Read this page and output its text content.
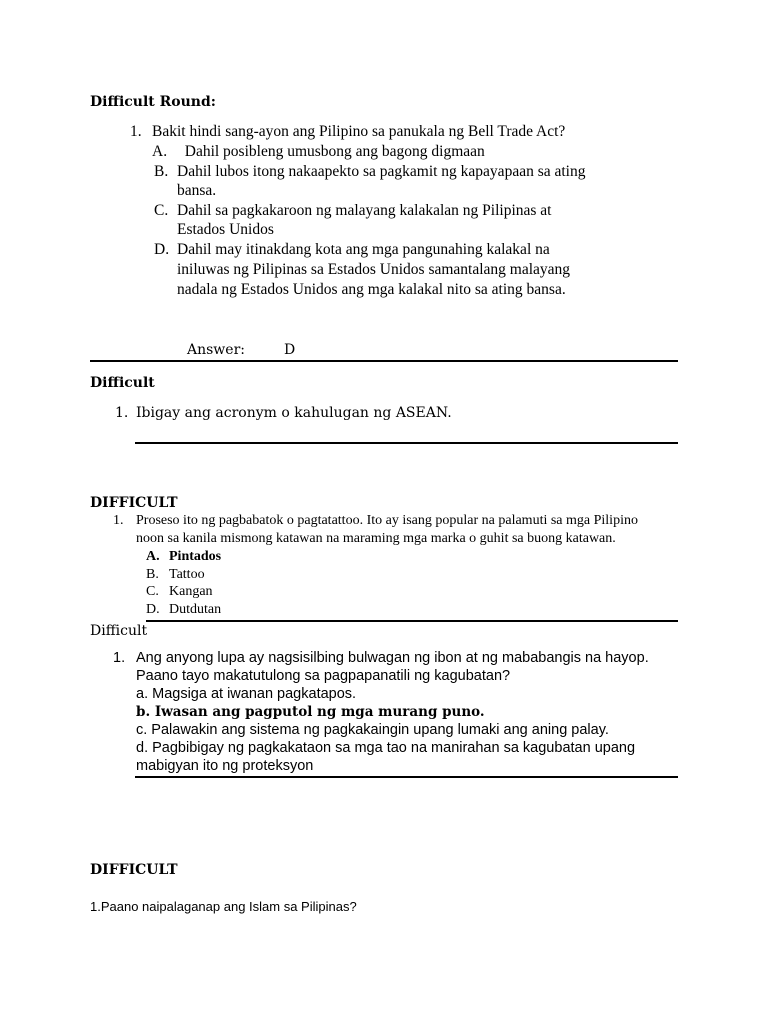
Difficult Round:
1. Bakit hindi sang-ayon ang Pilipino sa panukala ng Bell Trade Act?
A. Dahil posibleng umusbong ang bagong digmaan
B. Dahil lubos itong nakaapekto sa pagkamit ng kapayapaan sa ating
bansa.
C. Dahil sa pagkakaroon ng malayang kalakalan ng Pilipinas at
Estados Unidos
D. Dahil may itinakdang kota ang mga pangunahing kalakal na
iniluwas ng Pilipinas sa Estados Unidos samantalang malayang
nadala ng Estados Unidos ang mga kalakal nito sa ating bansa.
Answer:	D
Difficult
1. Ibigay ang acronym o kahulugan ng ASEAN.
DIFFICULT
1. Proseso ito ng pagbabatok o pagtatattoo. Ito ay isang popular na palamuti sa mga Pilipino
noon sa kanila mismong katawan na maraming mga marka o guhit sa buong katawan.
A. Pintados
B. Tattoo
C. Kangan
D. Dutdutan
Difficult
1. Ang anyong lupa ay nagsisilbing bulwagan ng ibon at ng mababangis na hayop.
Paano tayo makatutulong sa pagpapanatili ng kagubatan?
a. Magsiga at iwanan pagkatapos.
b. Iwasan ang pagputol ng mga murang puno.
c. Palawakin ang sistema ng pagkakaingin upang lumaki ang aning palay.
d. Pagbibigay ng pagkakataon sa mga tao na manirahan sa kagubatan upang
mabigyan ito ng proteksyon
DIFFICULT
1.Paano naipalaganap ang Islam sa Pilipinas?
